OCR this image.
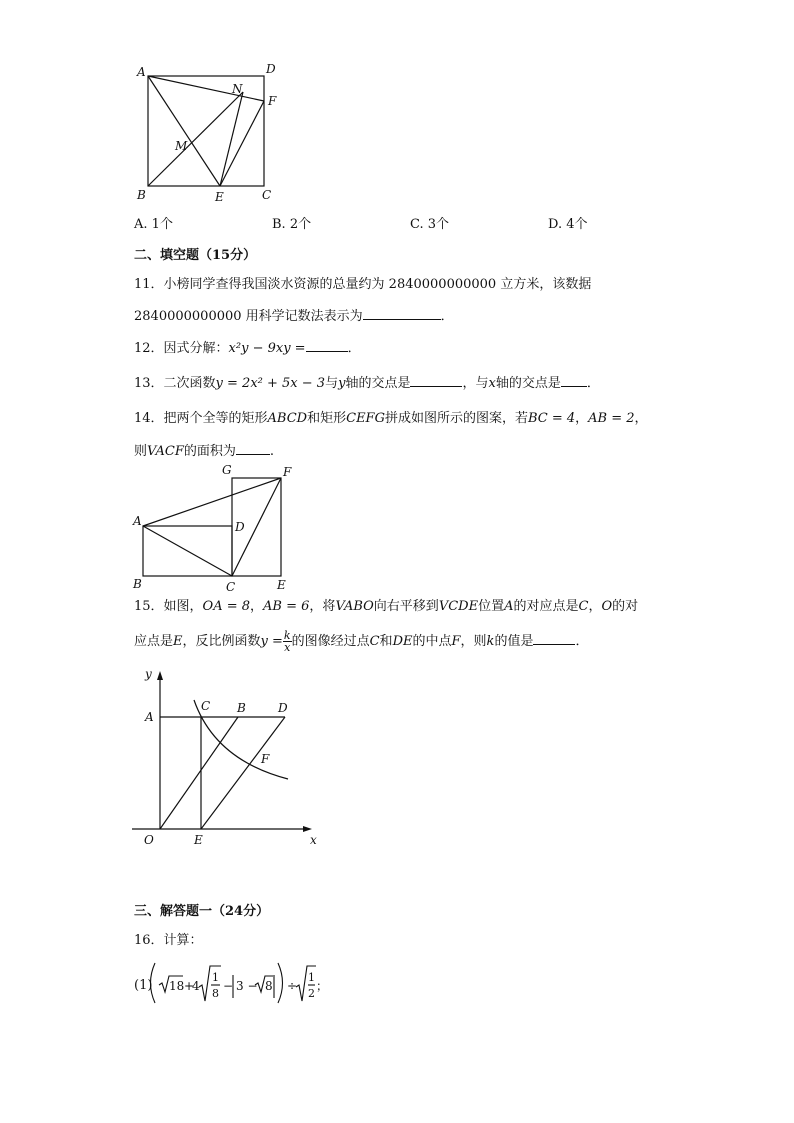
A	D
F
N
M
B	E	C
A. 1个	B. 2个	C. 3个	D. 4个
二、填空题（15分）
11．小榜同学查得我国淡水资源的总量约为 2840000000000 立方米，该数据
2840000000000 用科学记数法表示为	．
12．因式分解：x²y − 9xy =	．
13．二次函数y = 2x² + 5x − 3与y轴的交点是	，与x轴的交点是 ．
14．把两个全等的矩形ABCD和矩形CEFG拼成如图所示的图案，若BC = 4，AB = 2，
则VACF的面积为	.
G	F
A	D
B	C	E
15．如图，OA = 8，AB = 6，将VABO向右平移到VCDE位置A的对应点是C，O的对
应点是E，反比例函数$y = \frac{k}{x}$ 的图像经过点C和DE的中点F，则k的值是	．
y
A
C B	D
F
O	E	x
三、解答题一（24分）
16．计算：
(1) 18 +
4
1
8
− 3 − 8 ÷
1
2
；
